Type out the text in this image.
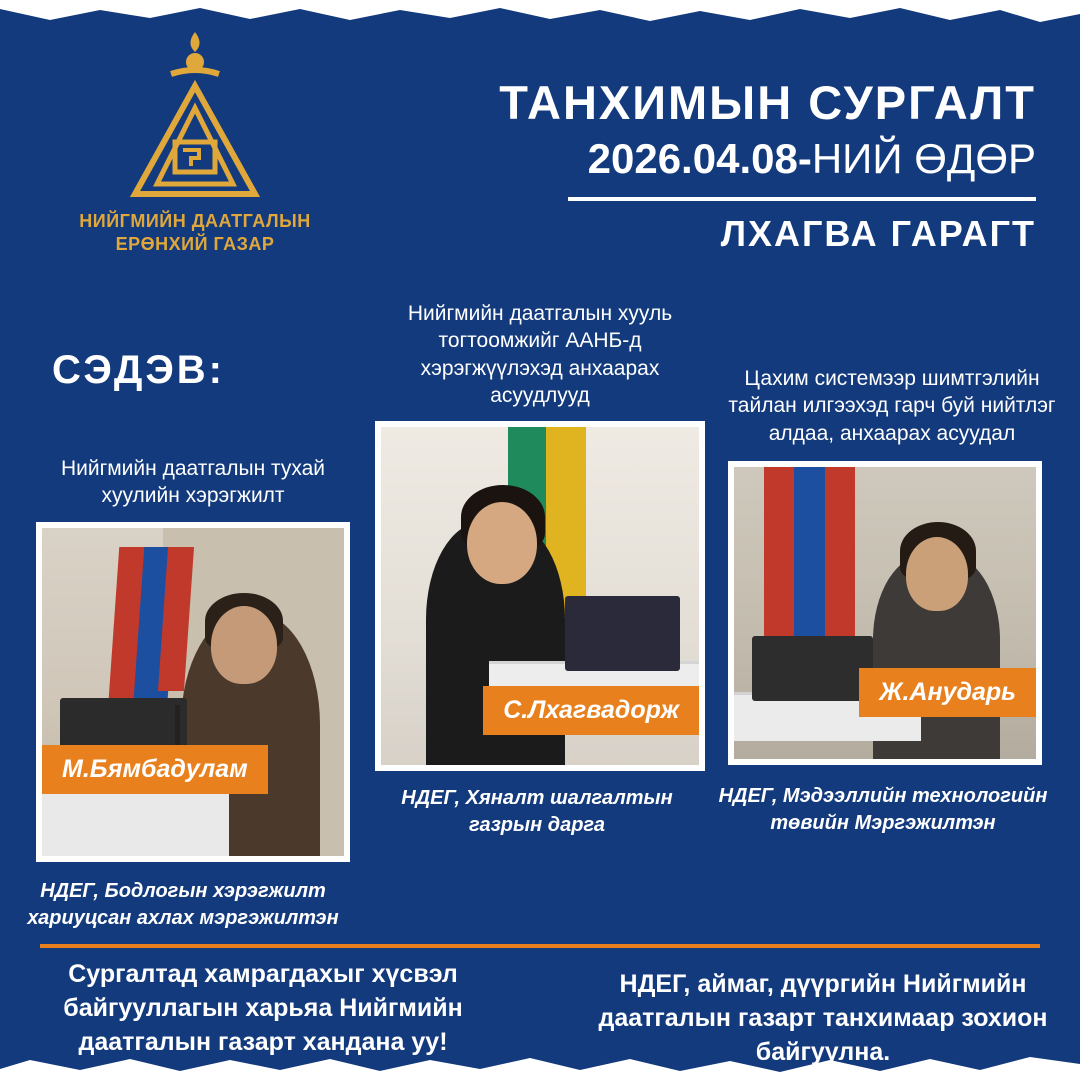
НИЙГМИЙН ДААТГАЛЫН
ЕРӨНХИЙ ГАЗАР
ТАНХИМЫН СУРГАЛТ
2026.04.08-НИЙ ӨДӨР
ЛХАГВА ГАРАГТ
СЭДЭВ:
Нийгмийн даатгалын тухай хуулийн хэрэгжилт
М.Бямбадулам
НДЕГ, Бодлогын хэрэгжилт хариуцсан ахлах мэргэжилтэн
Нийгмийн даатгалын хууль тогтоомжийг ААНБ-д хэрэгжүүлэхэд анхаарах асуудлууд
С.Лхагвадорж
НДЕГ, Хяналт шалгалтын газрын дарга
Цахим системээр шимтгэлийн тайлан илгээхэд гарч буй нийтлэг алдаа, анхаарах асуудал
Ж.Анударь
НДЕГ, Мэдээллийн технологийн төвийн Мэргэжилтэн
Сургалтад хамрагдахыг хүсвэл байгууллагын харьяа Нийгмийн даатгалын газарт хандана уу!
НДЕГ, аймаг, дүүргийн Нийгмийн даатгалын газарт танхимаар зохион байгуулна.
